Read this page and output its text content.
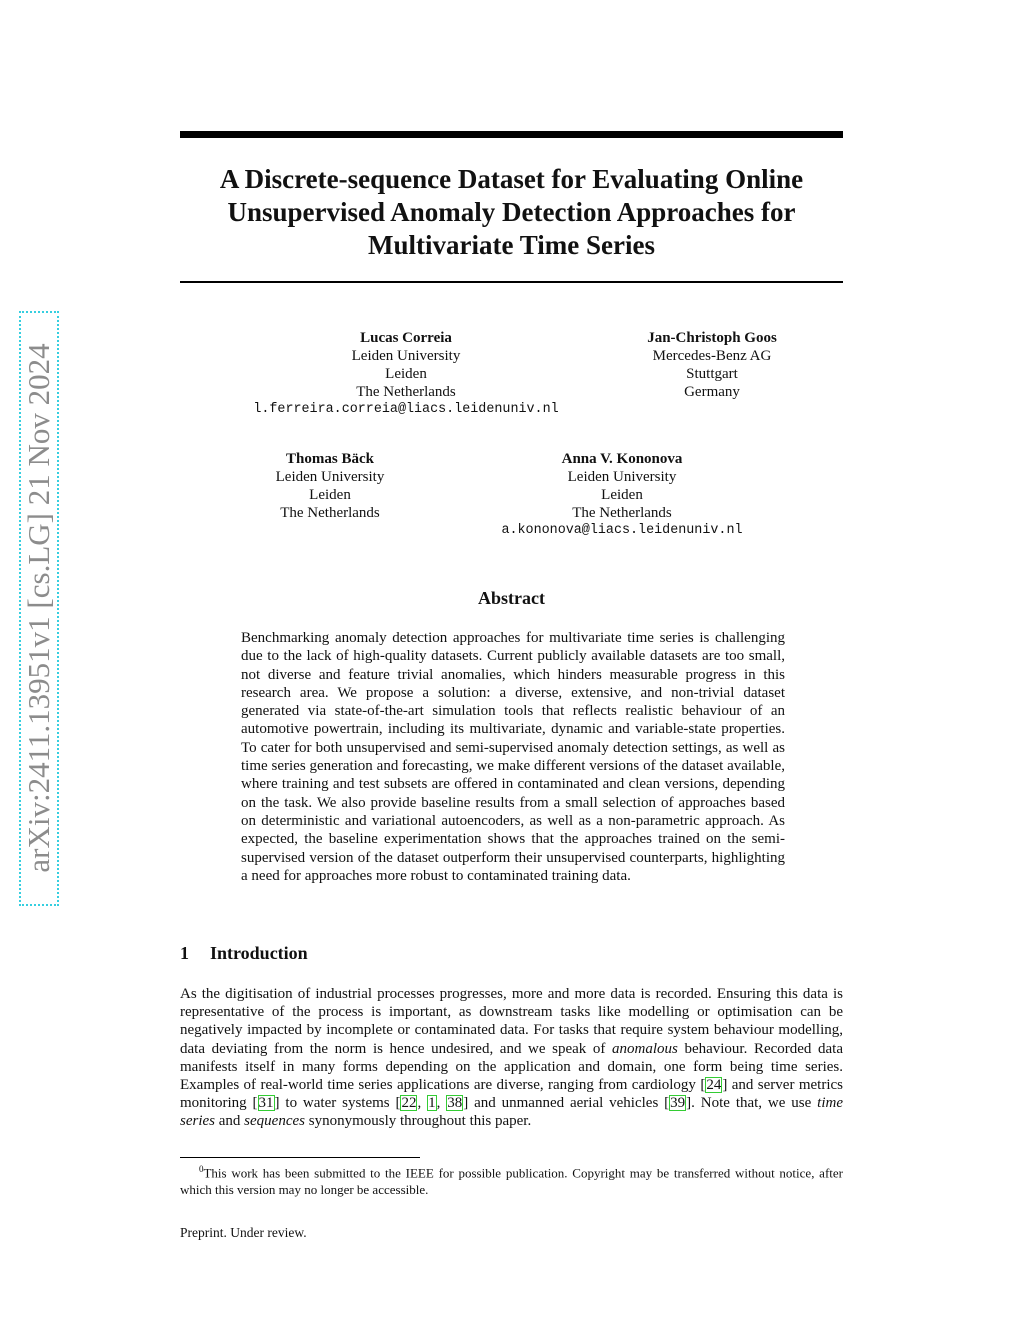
arXiv:2411.13951v1 [cs.LG] 21 Nov 2024
A Discrete-sequence Dataset for Evaluating Online Unsupervised Anomaly Detection Approaches for Multivariate Time Series
Lucas Correia
Leiden University
Leiden
The Netherlands
l.ferreira.correia@liacs.leidenuniv.nl
Jan-Christoph Goos
Mercedes-Benz AG
Stuttgart
Germany
Thomas Bäck
Leiden University
Leiden
The Netherlands
Anna V. Kononova
Leiden University
Leiden
The Netherlands
a.kononova@liacs.leidenuniv.nl
Abstract
Benchmarking anomaly detection approaches for multivariate time series is challenging due to the lack of high-quality datasets. Current publicly available datasets are too small, not diverse and feature trivial anomalies, which hinders measurable progress in this research area. We propose a solution: a diverse, extensive, and non-trivial dataset generated via state-of-the-art simulation tools that reflects realistic behaviour of an automotive powertrain, including its multivariate, dynamic and variable-state properties. To cater for both unsupervised and semi-supervised anomaly detection settings, as well as time series generation and forecasting, we make different versions of the dataset available, where training and test subsets are offered in contaminated and clean versions, depending on the task. We also provide baseline results from a small selection of approaches based on deterministic and variational autoencoders, as well as a non-parametric approach. As expected, the baseline experimentation shows that the approaches trained on the semi-supervised version of the dataset outperform their unsupervised counterparts, highlighting a need for approaches more robust to contaminated training data.
1 Introduction
As the digitisation of industrial processes progresses, more and more data is recorded. Ensuring this data is representative of the process is important, as downstream tasks like modelling or optimisation can be negatively impacted by incomplete or contaminated data. For tasks that require system behaviour modelling, data deviating from the norm is hence undesired, and we speak of anomalous behaviour. Recorded data manifests itself in many forms depending on the application and domain, one form being time series. Examples of real-world time series applications are diverse, ranging from cardiology [24] and server metrics monitoring [31] to water systems [22, 1, 38] and unmanned aerial vehicles [39]. Note that, we use time series and sequences synonymously throughout this paper.
$^0$This work has been submitted to the IEEE for possible publication. Copyright may be transferred without notice, after which this version may no longer be accessible.
Preprint. Under review.
